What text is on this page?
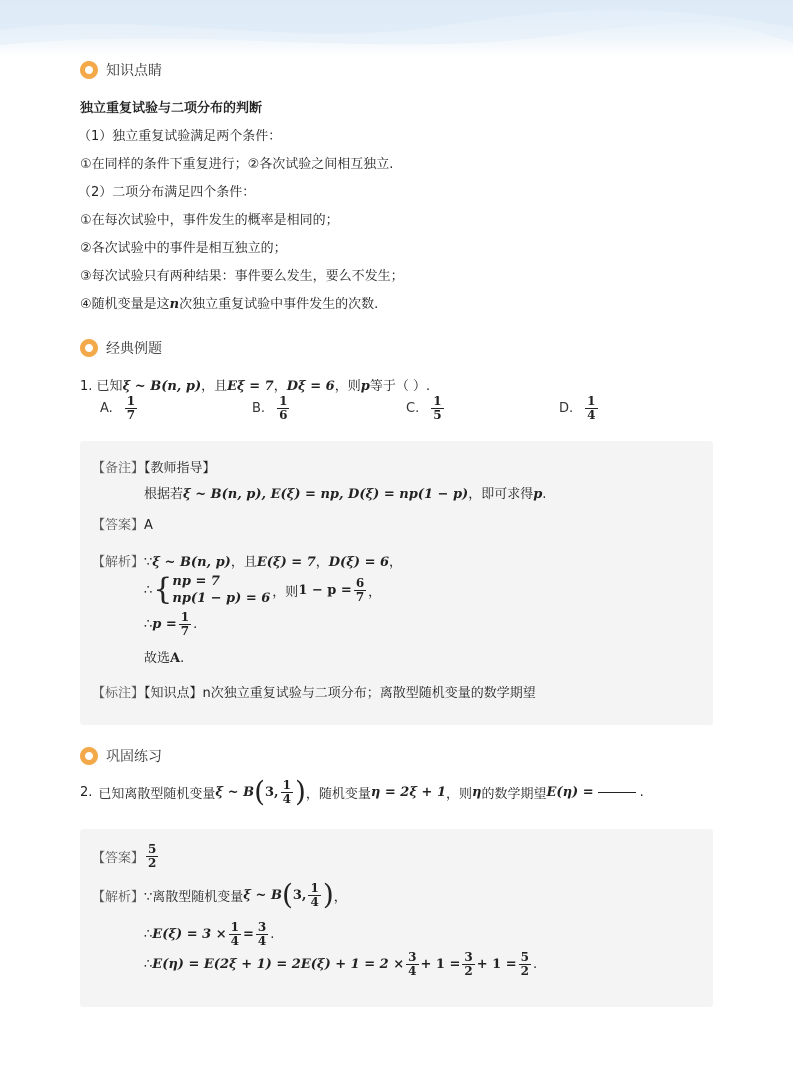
知识点睛
独立重复试验与二项分布的判断
（1）独立重复试验满足两个条件：
①在同样的条件下重复进行；②各次试验之间相互独立.
（2）二项分布满足四个条件：
①在每次试验中，事件发生的概率是相同的；
②各次试验中的事件是相互独立的；
③每次试验只有两种结果：事件要么发生，要么不发生；
④随机变量是这n次独立重复试验中事件发生的次数.
经典例题
1. 已知ξ ~ B(n, p)，且Eξ = 7，Dξ = 6，则p等于（ ）.
A. $\frac{1}{7}$	B. $\frac{1}{6}$	C. $\frac{1}{5}$	D. $\frac{1}{4}$
【备注】【教师指导】
根据若ξ ~ B(n, p), E(ξ) = np, D(ξ) = np(1 − p)，即可求得p.
【答案】A
【解析】∵ξ ~ B(n, p)，且E(ξ) = 7，D(ξ) = 6，
∴ { np = 7
np(1 − p) = 6 ，则 $1 - p = \frac{6}{7}$ ，
∴ $p = \frac{1}{7}$ .
故选A.
【标注】【知识点】n次独立重复试验与二项分布；离散型随机变量的数学期望
巩固练习
2. 已知离散型随机变量 ξ ~ B ( 3, $\frac{1}{4}$ ) ，随机变量 η = 2ξ + 1 ，则 η 的数学期望 E(η) =	.
【答案】 $\frac{5}{2}$
【解析】 ∵离散型随机变量 ξ ~ B ( 3, $\frac{1}{4}$ ) ，
∴ $E(\xi) = 3 \times \frac{1}{4} = \frac{3}{4}$ .
∴ $E(\eta) = E(2\xi + 1) = 2E(\xi) + 1 = 2 \times \frac{3}{4} + 1 = \frac{3}{2} + 1 = \frac{5}{2}$ .
